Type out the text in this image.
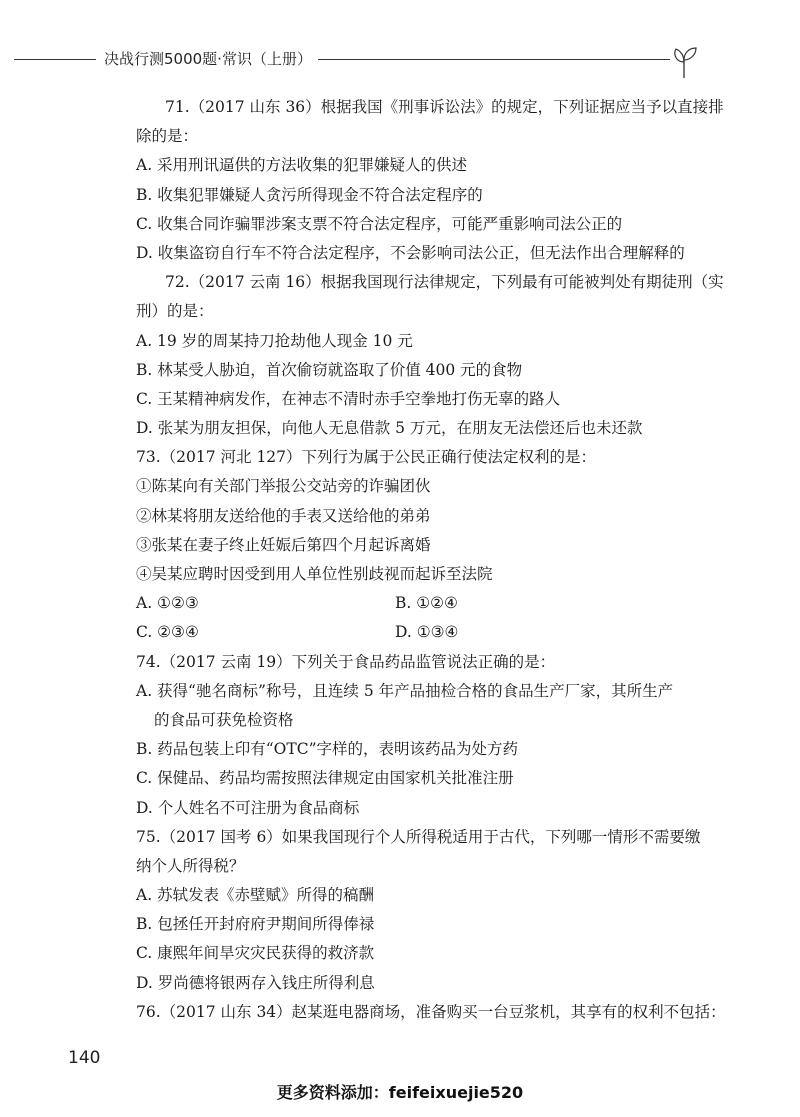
决战行测5000题·常识（上册）
71.（2017 山东 36）根据我国《刑事诉讼法》的规定，下列证据应当予以直接排
除的是：
A. 采用刑讯逼供的方法收集的犯罪嫌疑人的供述
B. 收集犯罪嫌疑人贪污所得现金不符合法定程序的
C. 收集合同诈骗罪涉案支票不符合法定程序，可能严重影响司法公正的
D. 收集盗窃自行车不符合法定程序，不会影响司法公正，但无法作出合理解释的
72.（2017 云南 16）根据我国现行法律规定，下列最有可能被判处有期徒刑（实
刑）的是：
A. 19 岁的周某持刀抢劫他人现金 10 元
B. 林某受人胁迫，首次偷窃就盗取了价值 400 元的食物
C. 王某精神病发作，在神志不清时赤手空拳地打伤无辜的路人
D. 张某为朋友担保，向他人无息借款 5 万元，在朋友无法偿还后也未还款
73.（2017 河北 127）下列行为属于公民正确行使法定权利的是：
①陈某向有关部门举报公交站旁的诈骗团伙
②林某将朋友送给他的手表又送给他的弟弟
③张某在妻子终止妊娠后第四个月起诉离婚
④吴某应聘时因受到用人单位性别歧视而起诉至法院
A. ①②③	B. ①②④
C. ②③④	D. ①③④
74.（2017 云南 19）下列关于食品药品监管说法正确的是：
A. 获得“驰名商标”称号，且连续 5 年产品抽检合格的食品生产厂家，其所生产
的食品可获免检资格
B. 药品包装上印有“OTC”字样的，表明该药品为处方药
C. 保健品、药品均需按照法律规定由国家机关批准注册
D. 个人姓名不可注册为食品商标
75.（2017 国考 6）如果我国现行个人所得税适用于古代，下列哪一情形不需要缴
纳个人所得税？
A. 苏轼发表《赤壁赋》所得的稿酬
B. 包拯任开封府府尹期间所得俸禄
C. 康熙年间旱灾灾民获得的救济款
D. 罗尚德将银两存入钱庄所得利息
76.（2017 山东 34）赵某逛电器商场，准备购买一台豆浆机，其享有的权利不包括：
140
更多资料添加：feifeixuejie520
